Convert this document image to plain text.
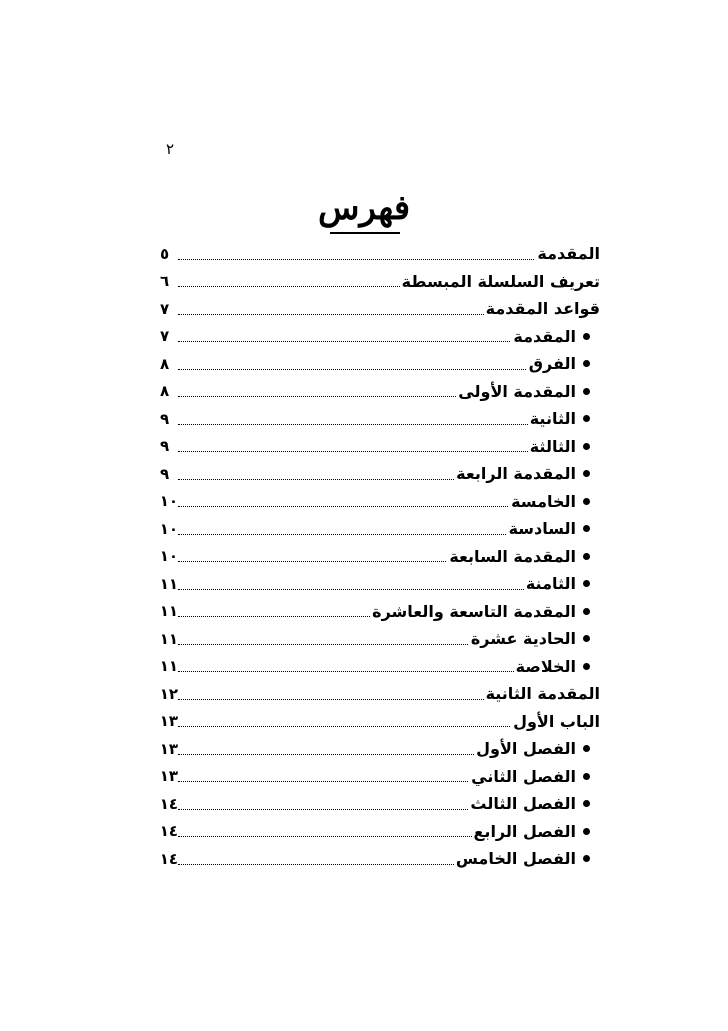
٢
فهرس
المقدمة
٥
تعريف السلسلة المبسطة
٦
قواعد المقدمة
٧
المقدمة
٧
الفرق
٨
المقدمة الأولى
٨
الثانية
٩
الثالثة
٩
المقدمة الرابعة
٩
الخامسة
١٠
السادسة
١٠
المقدمة السابعة
١٠
الثامنة
١١
المقدمة التاسعة والعاشرة
١١
الحادية عشرة
١١
الخلاصة
١١
المقدمة الثانية
١٢
الباب الأول
١٣
الفصل الأول
١٣
الفصل الثاني
١٣
الفصل الثالث
١٤
الفصل الرابع
١٤
الفصل الخامس
١٤
